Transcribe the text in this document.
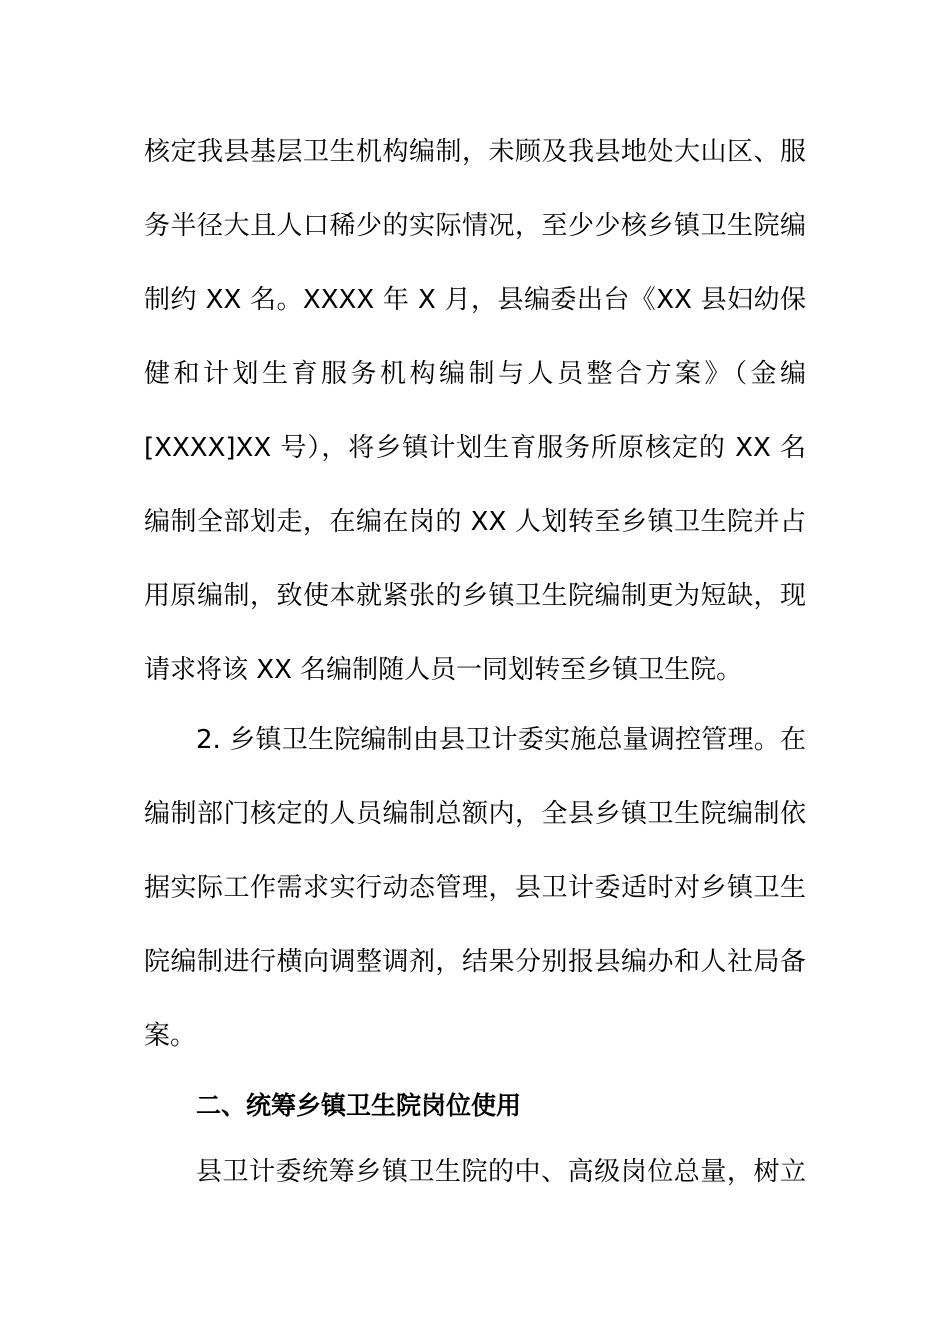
核定我县基层卫生机构编制，未顾及我县地处大山区、服
务半径大且人口稀少的实际情况，至少少核乡镇卫生院编
制约 XX 名。XXXX 年 X 月，县编委出台《XX 县妇幼保
健和计划生育服务机构编制与人员整合方案》（金编
[XXXX]XX 号），将乡镇计划生育服务所原核定的 XX 名
编制全部划走，在编在岗的 XX 人划转至乡镇卫生院并占
用原编制，致使本就紧张的乡镇卫生院编制更为短缺，现
请求将该 XX 名编制随人员一同划转至乡镇卫生院。
2. 乡镇卫生院编制由县卫计委实施总量调控管理。在
编制部门核定的人员编制总额内，全县乡镇卫生院编制依
据实际工作需求实行动态管理，县卫计委适时对乡镇卫生
院编制进行横向调整调剂，结果分别报县编办和人社局备
案。
二、统筹乡镇卫生院岗位使用
县卫计委统筹乡镇卫生院的中、高级岗位总量，树立
